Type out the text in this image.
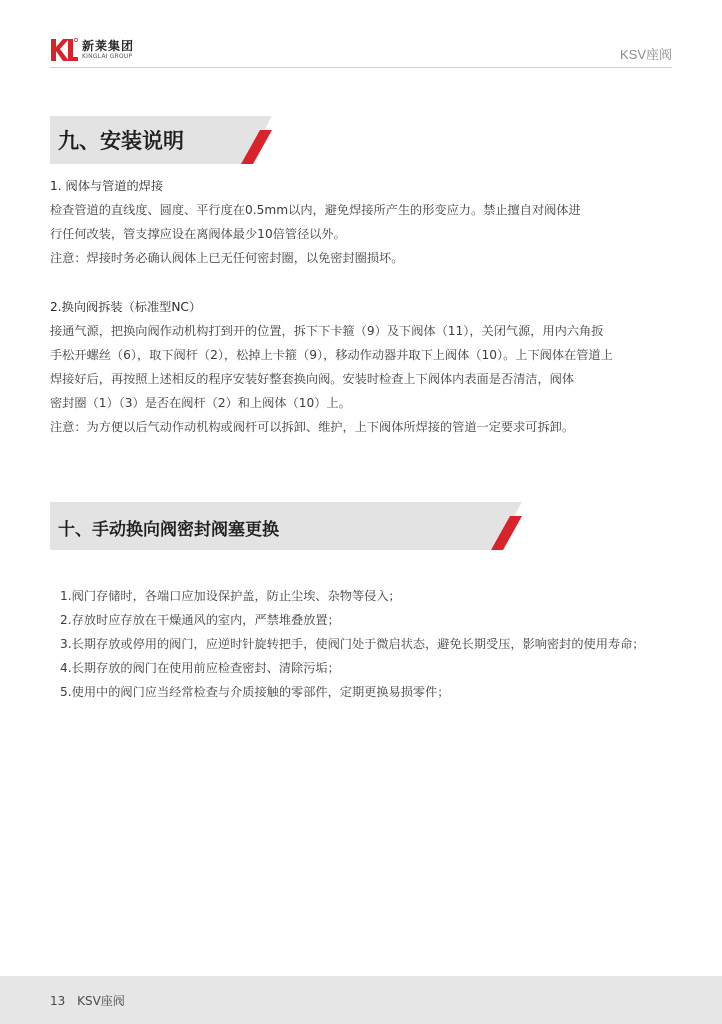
新莱集团
KINGLAI GROUP	KSV座阀
九、安装说明
1. 阀体与管道的焊接
检查管道的直线度、圆度、平行度在0.5mm以内，避免焊接所产生的形变应力。禁止擅自对阀体进
行任何改装，管支撑应设在离阀体最少10倍管径以外。
注意：焊接时务必确认阀体上已无任何密封圈，以免密封圈损坏。
2.换向阀拆装（标准型NC）
接通气源，把换向阀作动机构打到开的位置，拆下下卡箍（9）及下阀体（11），关闭气源，用内六角扳
手松开螺丝（6），取下阀杆（2），松掉上卡箍（9），移动作动器并取下上阀体（10）。上下阀体在管道上
焊接好后，再按照上述相反的程序安装好整套换向阀。安装时检查上下阀体内表面是否清洁，阀体
密封圈（1）（3）是否在阀杆（2）和上阀体（10）上。
注意：为方便以后气动作动机构或阀杆可以拆卸、维护，上下阀体所焊接的管道一定要求可拆卸。
十、手动换向阀密封阀塞更换
1.阀门存储时，各端口应加设保护盖，防止尘埃、杂物等侵入；
2.存放时应存放在干燥通风的室内，严禁堆叠放置；
3.长期存放或停用的阀门，应逆时针旋转把手，使阀门处于微启状态，避免长期受压，影响密封的使用寿命；
4.长期存放的阀门在使用前应检查密封、清除污垢；
5.使用中的阀门应当经常检查与介质接触的零部件，定期更换易损零件；
13 KSV座阀
